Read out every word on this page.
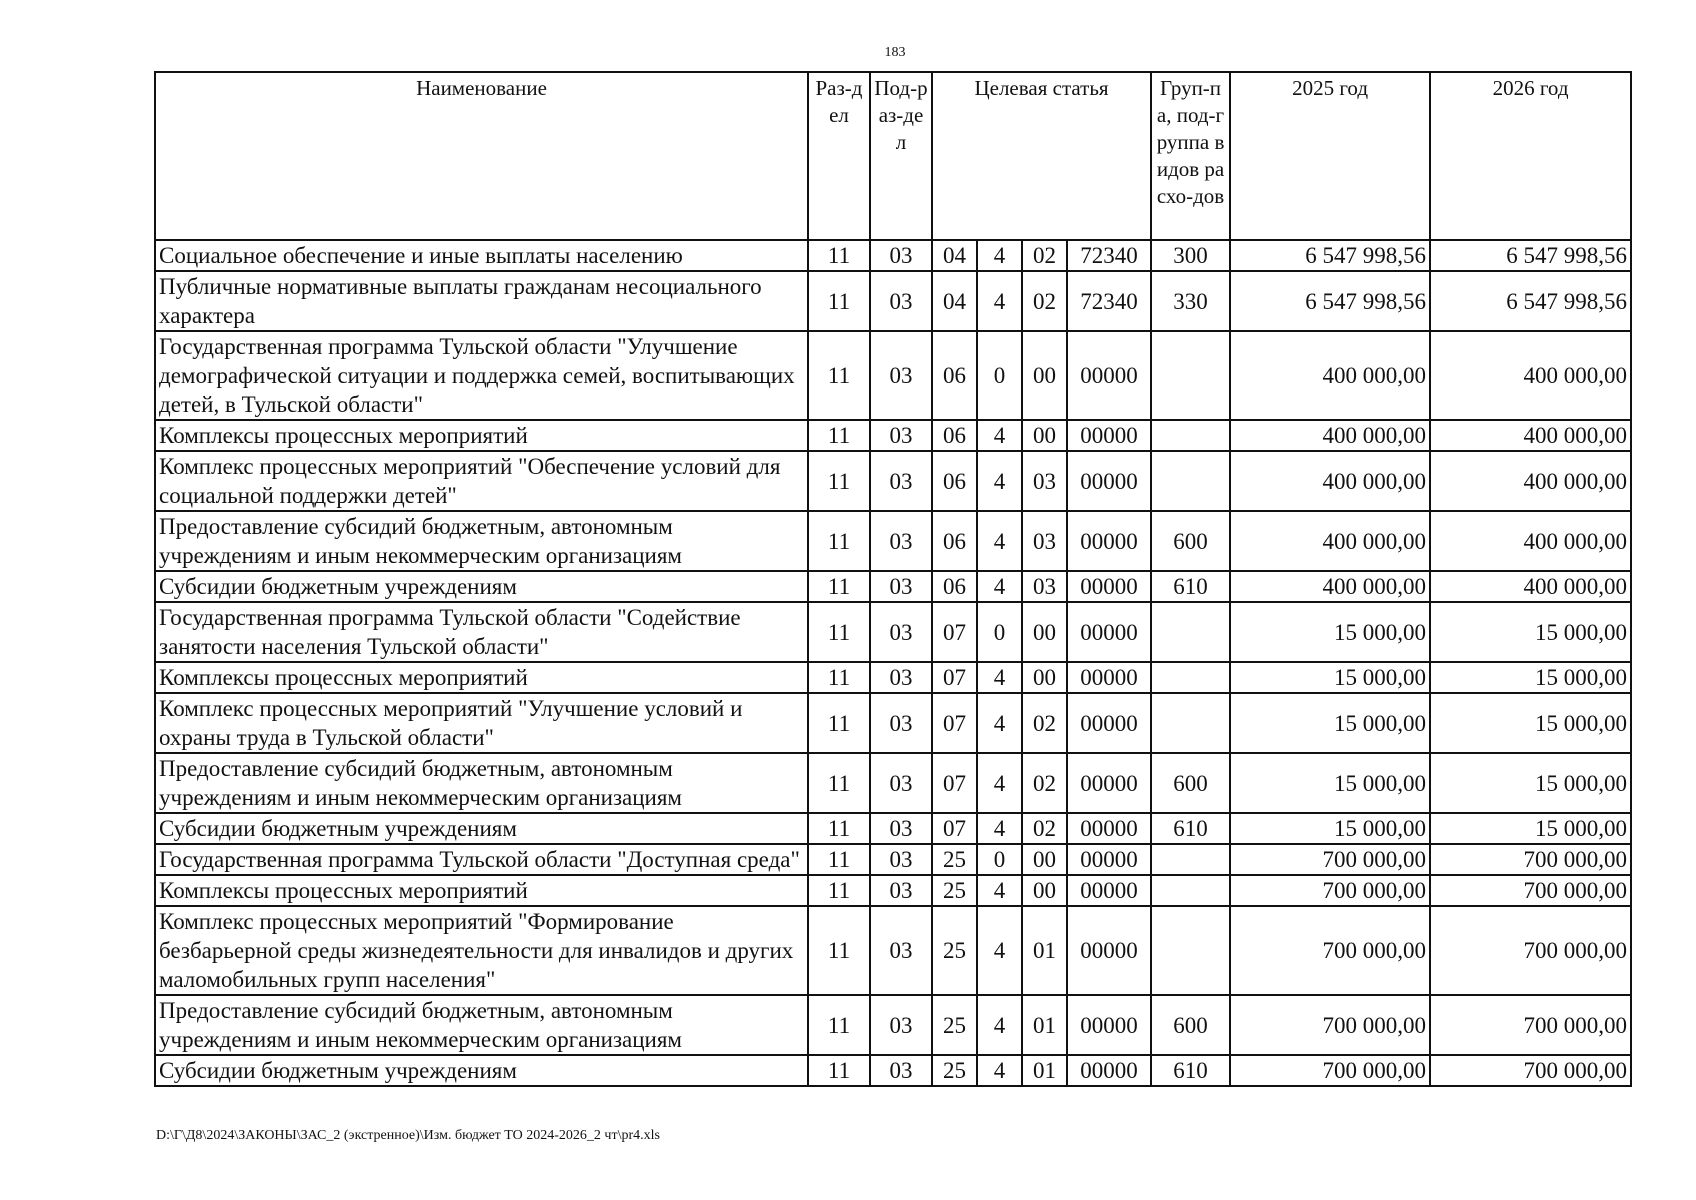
183
Наименование	Раз-дел	Под-раз-дел	Целевая статья				Груп-па, под-группа видов расхо-дов	2025 год	2026 год
Социальное обеспечение и иные выплаты населению	11	03	04	4	02	72340	300	6 547 998,56	6 547 998,56
Публичные нормативные выплаты гражданам несоциального характера	11	03	04	4	02	72340	330	6 547 998,56	6 547 998,56
Государственная программа Тульской области "Улучшение демографической ситуации и поддержка семей, воспитывающих детей, в Тульской области"	11	03	06	0	00	00000		400 000,00	400 000,00
Комплексы процессных мероприятий	11	03	06	4	00	00000		400 000,00	400 000,00
Комплекс процессных мероприятий "Обеспечение условий для социальной поддержки детей"	11	03	06	4	03	00000		400 000,00	400 000,00
Предоставление субсидий бюджетным, автономным учреждениям и иным некоммерческим организациям	11	03	06	4	03	00000	600	400 000,00	400 000,00
Субсидии бюджетным учреждениям	11	03	06	4	03	00000	610	400 000,00	400 000,00
Государственная программа Тульской области "Содействие занятости населения Тульской области"	11	03	07	0	00	00000		15 000,00	15 000,00
Комплексы процессных мероприятий	11	03	07	4	00	00000		15 000,00	15 000,00
Комплекс процессных мероприятий "Улучшение условий и охраны труда в Тульской области"	11	03	07	4	02	00000		15 000,00	15 000,00
Предоставление субсидий бюджетным, автономным учреждениям и иным некоммерческим организациям	11	03	07	4	02	00000	600	15 000,00	15 000,00
Субсидии бюджетным учреждениям	11	03	07	4	02	00000	610	15 000,00	15 000,00
Государственная программа Тульской области "Доступная среда"	11	03	25	0	00	00000		700 000,00	700 000,00
Комплексы процессных мероприятий	11	03	25	4	00	00000		700 000,00	700 000,00
Комплекс процессных мероприятий "Формирование безбарьерной среды жизнедеятельности для инвалидов и других маломобильных групп населения"	11	03	25	4	01	00000		700 000,00	700 000,00
Предоставление субсидий бюджетным, автономным учреждениям и иным некоммерческим организациям	11	03	25	4	01	00000	600	700 000,00	700 000,00
Субсидии бюджетным учреждениям	11	03	25	4	01	00000	610	700 000,00	700 000,00
D:\Г\Д8\2024\ЗАКОНЫ\ЗАС_2 (экстренное)\Изм. бюджет ТО 2024-2026_2 чт\pr4.xls
